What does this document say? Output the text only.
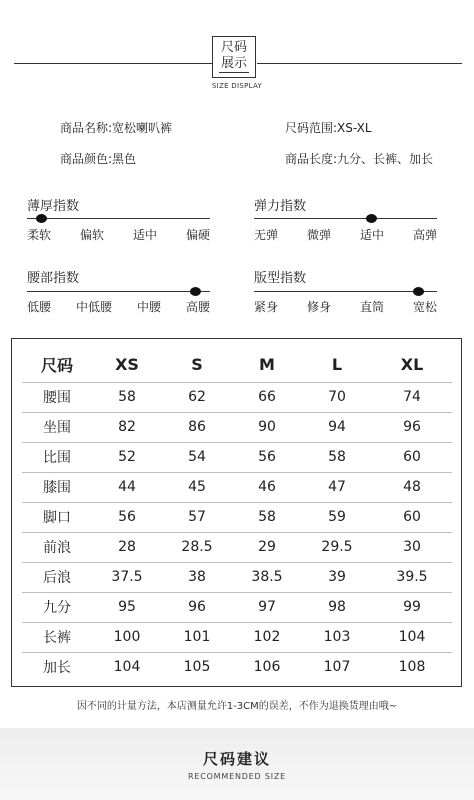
尺码
展示
SIZE DISPLAY
商品名称:宽松喇叭裤	尺码范围:XS-XL
商品颜色:黑色	商品长度:九分、长裤、加长
薄厚指数
柔软 偏软 适中 偏硬
弹力指数
无弹 微弹 适中 高弹
腰部指数
低腰 中低腰 中腰 高腰
版型指数
紧身 修身 直筒 宽松
尺码	XS	S	M	L	XL
腰围	58	62	66	70	74
坐围	82	86	90	94	96
比围	52	54	56	58	60
膝围	44	45	46	47	48
脚口	56	57	58	59	60
前浪	28	28.5	29	29.5	30
后浪	37.5	38	38.5	39	39.5
九分	95	96	97	98	99
长裤	100	101	102	103	104
加长	104	105	106	107	108
因不同的计量方法，本店测量允许1-3CM的误差，不作为退换货理由哦~
尺码建议
RECOMMENDED SIZE
